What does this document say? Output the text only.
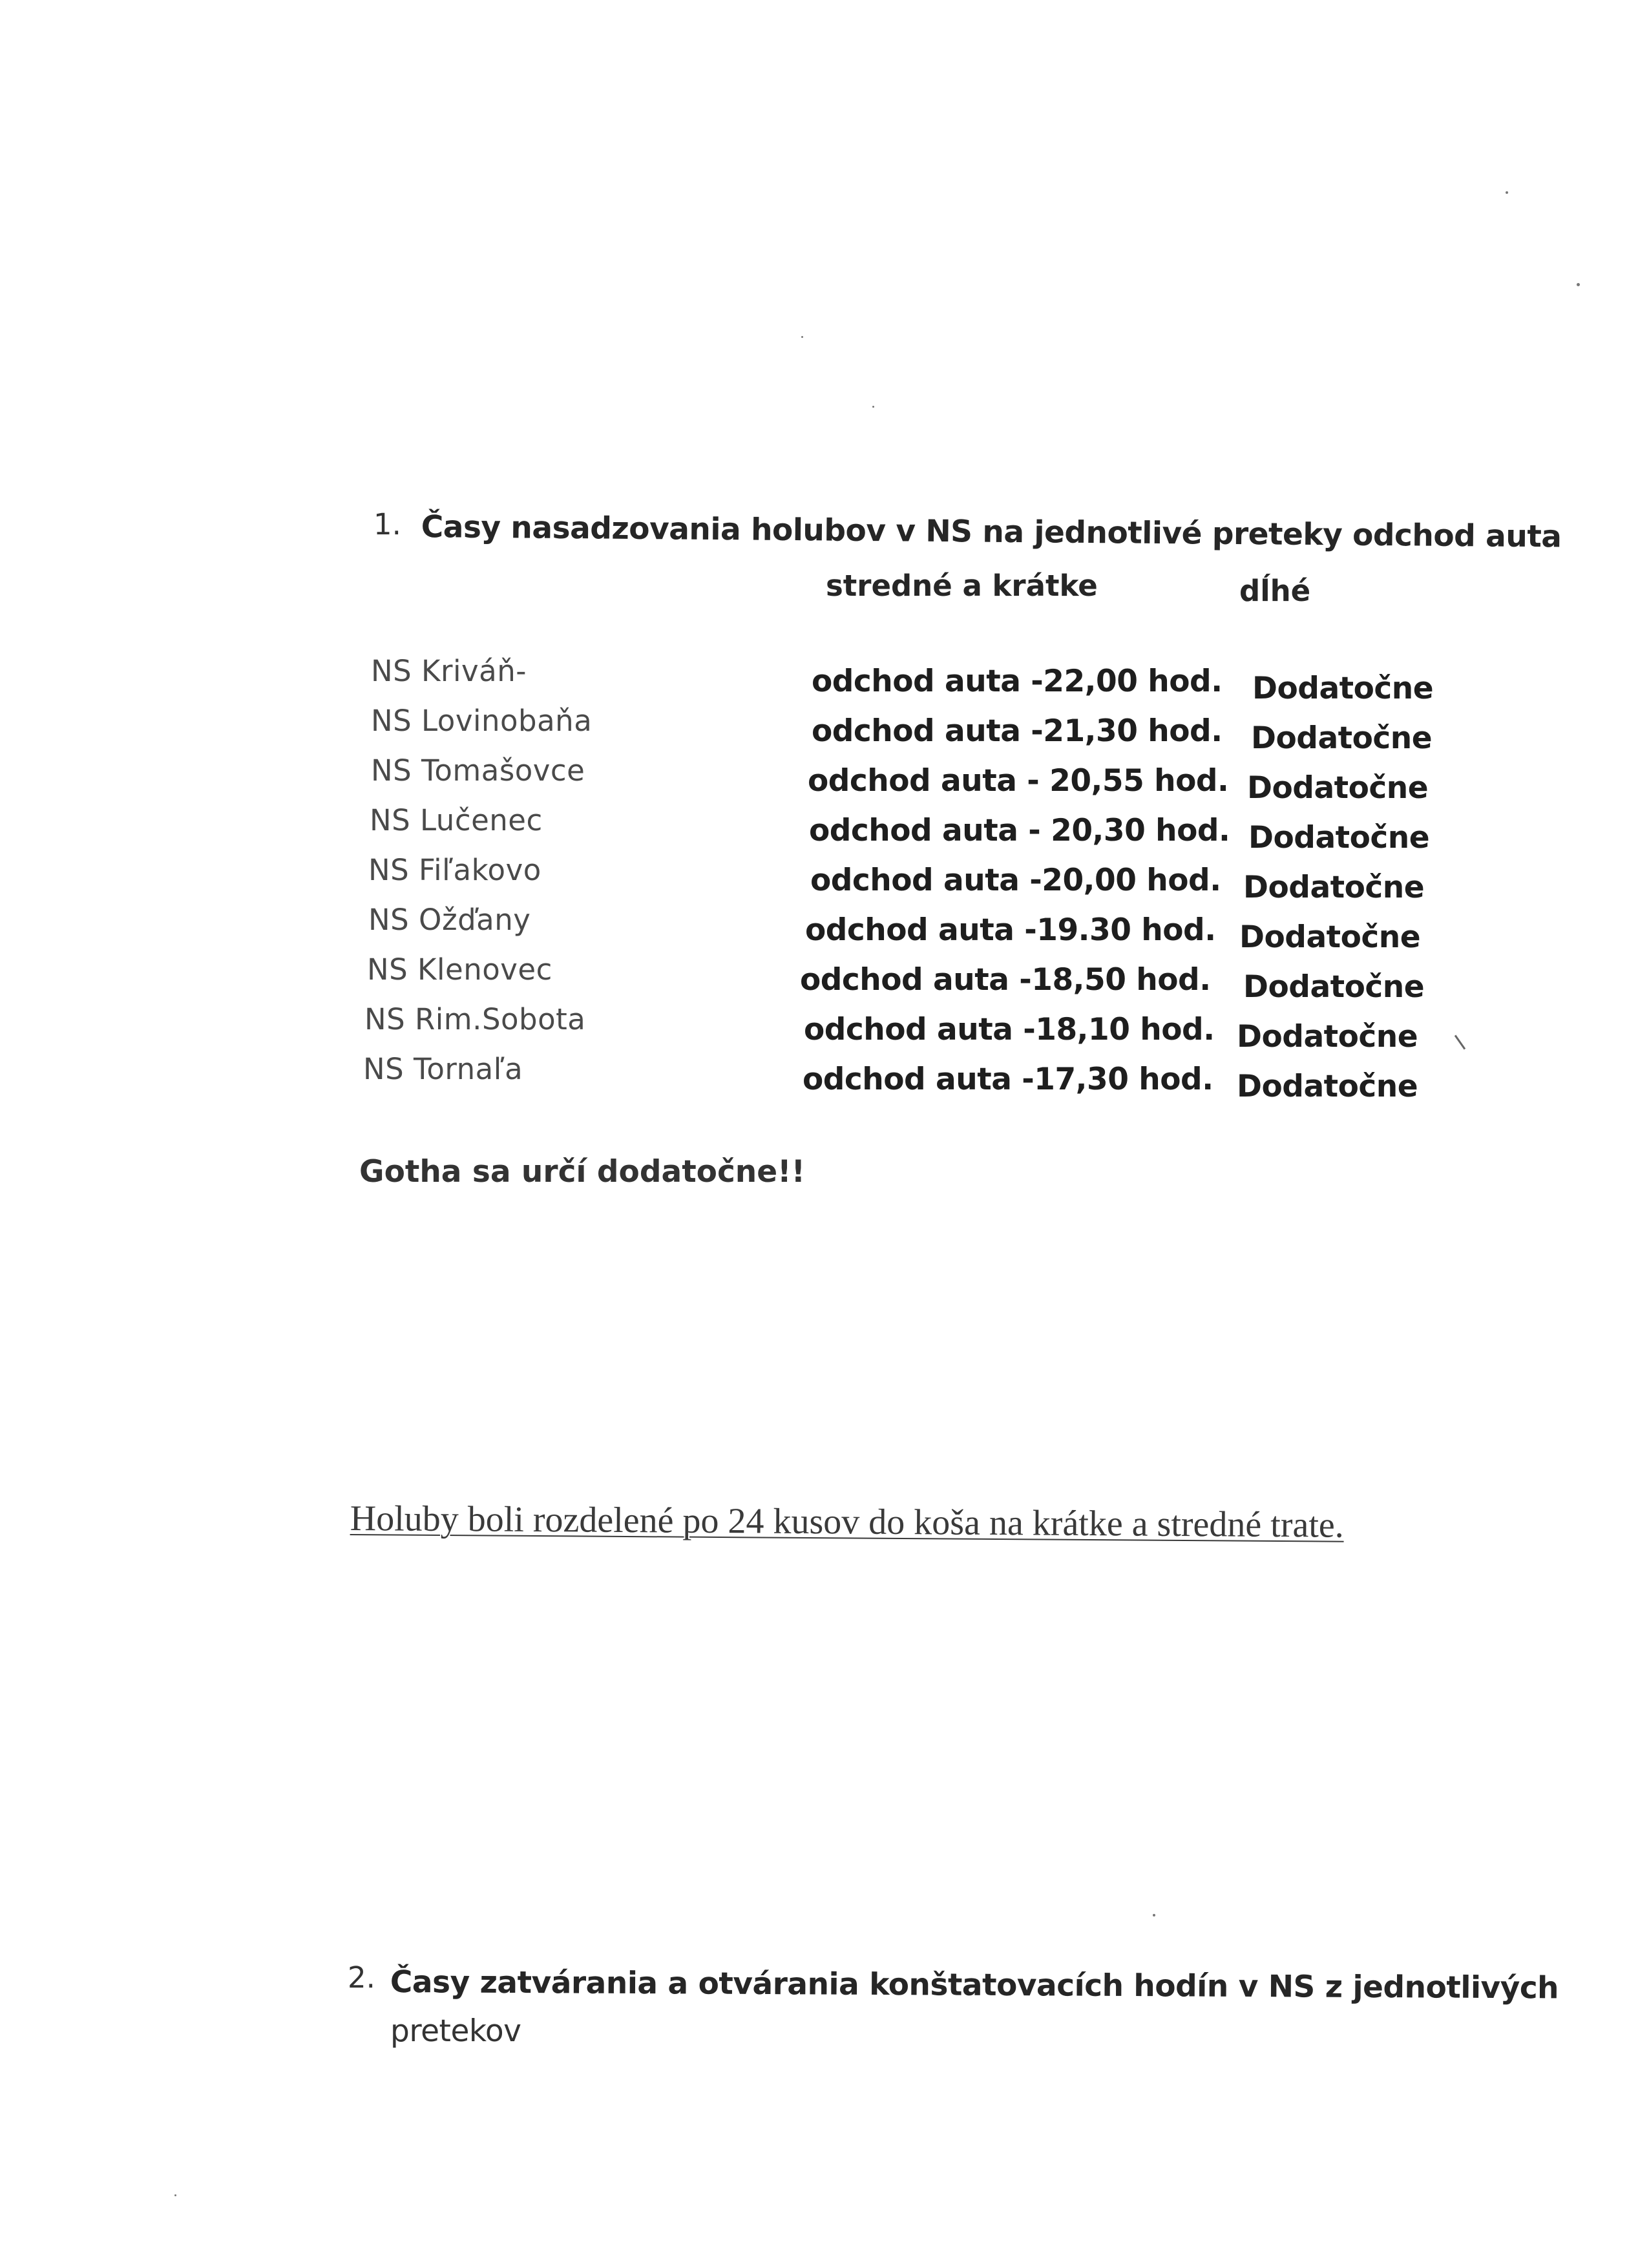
1. Časy nasadzovania holubov v NS na jednotlivé preteky odchod auta
stredné a krátke	dĺhé
NS Kriváň-	odchod auta -22,00 hod. Dodatočne
NS Lovinobaňa	odchod auta -21,30 hod. Dodatočne
NS Tomašovce	odchod auta - 20,55 hod. Dodatočne
NS Lučenec	odchod auta - 20,30 hod. Dodatočne
NS Fiľakovo	odchod auta -20,00 hod. Dodatočne
NS Ožďany	odchod auta -19.30 hod. Dodatočne
NS Klenovec	odchod auta -18,50 hod. Dodatočne
NS Rim.Sobota	odchod auta -18,10 hod. Dodatočne
NS Tornaľa	odchod auta -17,30 hod. Dodatočne
Gotha sa určí dodatočne!!
Holuby boli rozdelené po 24 kusov do koša na krátke a stredné trate.
2. Časy zatvárania a otvárania konštatovacích hodín v NS z jednotlivých
pretekov
